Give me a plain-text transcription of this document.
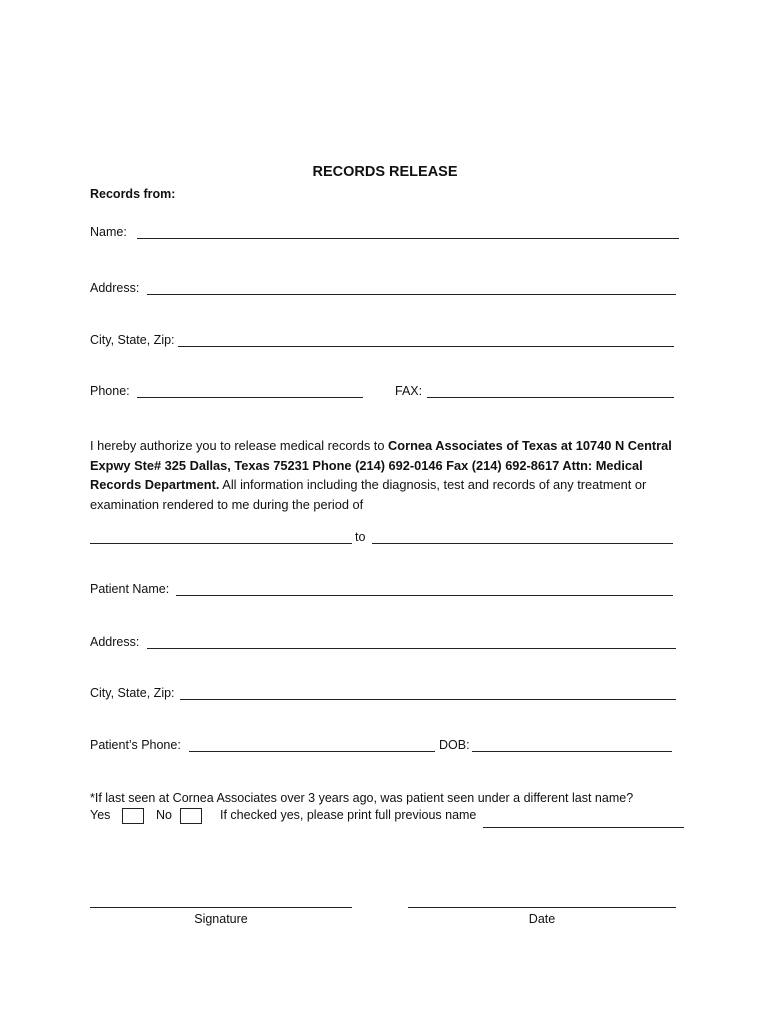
RECORDS RELEASE
Records from:
Name:
Address:
City, State, Zip:
Phone:	FAX:
I hereby authorize you to release medical records to Cornea Associates of Texas at 10740 N Central Expwy Ste# 325 Dallas, Texas 75231 Phone (214) 692-0146 Fax (214) 692-8617 Attn: Medical Records Department. All information including the diagnosis, test and records of any treatment or examination rendered to me during the period of
to
Patient Name:
Address:
City, State, Zip:
Patient’s Phone:	DOB:
*If last seen at Cornea Associates over 3 years ago, was patient seen under a different last name?
Yes	No	If checked yes, please print full previous name
Signature	Date
